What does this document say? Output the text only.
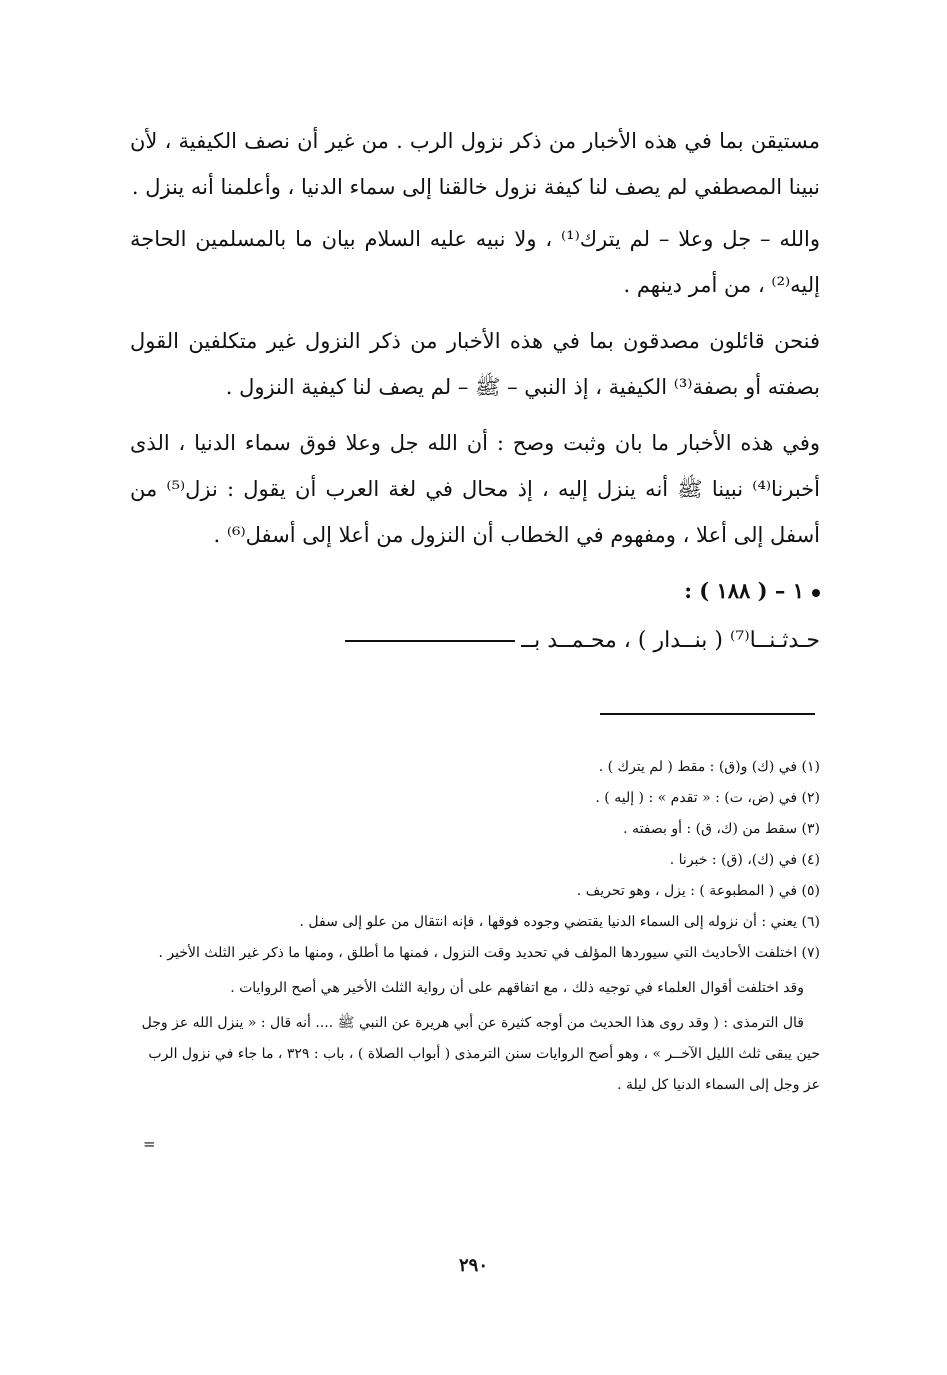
مستيقن بما في هذه الأخبار من ذكر نزول الرب . من غير أن نصف الكيفية ، لأن نبينا المصطفي لم يصف لنا كيفة نزول خالقنا إلى سماء الدنيا ، وأعلمنا أنه ينزل .

والله – جل وعلا – لم يترك⁽¹⁾ ، ولا نبيه عليه السلام بيان ما بالمسلمين الحاجة إليه⁽²⁾ ، من أمر دينهم .

فنحن قائلون مصدقون بما في هذه الأخبار من ذكر النزول غير متكلفين القول بصفته أو بصفة⁽³⁾ الكيفية ، إذ النبي – ﷺ – لم يصف لنا كيفية النزول .

وفي هذه الأخبار ما بان وثبت وصح : أن الله جل وعلا فوق سماء الدنيا ، الذى أخبرنا⁽⁴⁾ نبينا ﷺ أنه ينزل إليه ، إذ محال في لغة العرب أن يقول : نزل⁽⁵⁾ من أسفل إلى أعلا ، ومفهوم في الخطاب أن النزول من أعلا إلى أسفل⁽⁶⁾ .

١ – ( ١٨٨ ) :
حـدثـنــا⁽⁷⁾ ( بنــدار ) ، محـمــد بــ

(١) في (ك) و(ق) : مقط ( لم يترك ) .

(٢) في (ض، ت) : « تقدم » : ( إليه ) .

(٣) سقط من (ك، ق) : أو بصفته .

(٤) في (ك)، (ق) : خبرنا .

(٥) في ( المطبوعة ) : يزل ، وهو تحريف .

(٦) يعني : أن نزوله إلى السماء الدنيا يقتضي وجوده فوقها ، فإنه انتقال من علو إلى سفل .

(٧) اختلفت الأحاديث التي سيوردها المؤلف في تحديد وقت النزول ، فمنها ما أطلق ، ومنها ما ذكر غير الثلث الأخير .

وقد اختلفت أقوال العلماء في توجيه ذلك ، مع اتفاقهم على أن رواية الثلث الأخير هي أصح الروايات .

قال الترمذى : ( وقد روى هذا الحديث من أوجه كثيرة عن أبي هريرة عن النبي ﷺ .... أنه قال : « ينزل الله عز وجل حين يبقى ثلث الليل الآخــر » ، وهو أصح الروايات سنن الترمذى ( أبواب الصلاة ) ، باب : ٣٢٩ ، ما جاء في نزول الرب عز وجل إلى السماء الدنيا كل ليلة .

=
٢٩٠
